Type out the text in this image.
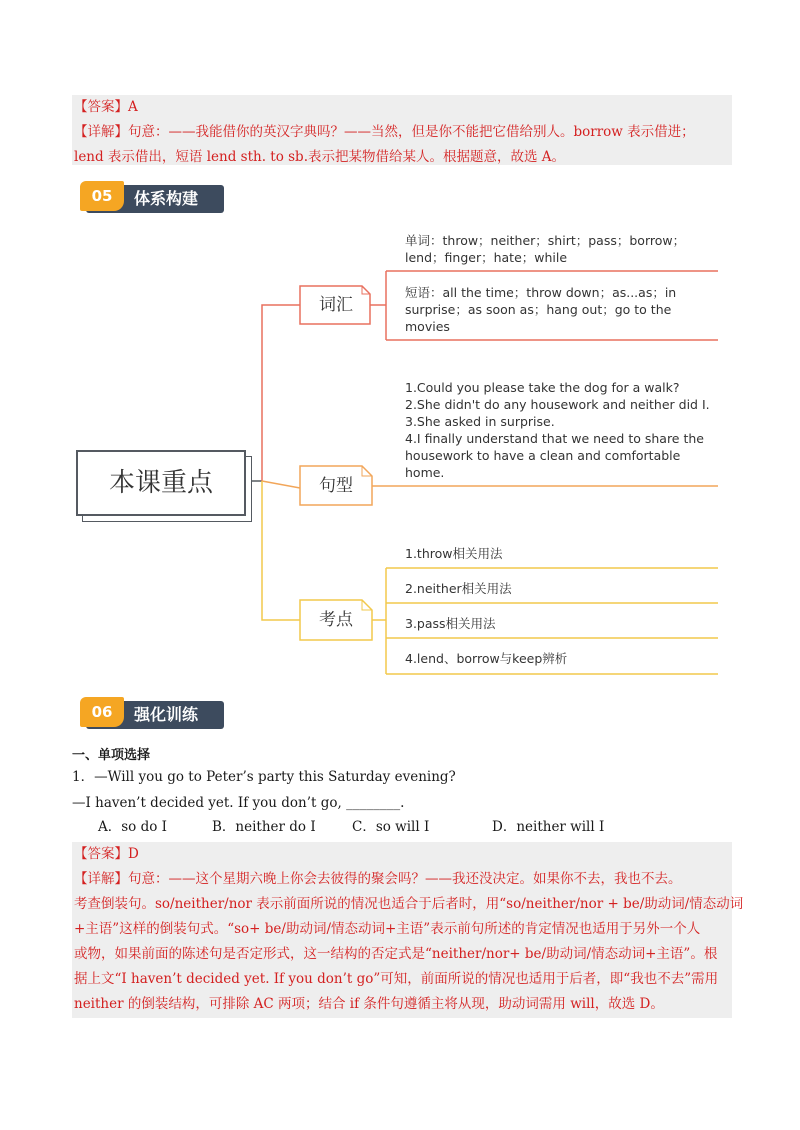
【答案】A
【详解】句意：——我能借你的英汉字典吗？——当然，但是你不能把它借给别人。borrow 表示借进；
lend 表示借出，短语 lend sth. to sb.表示把某物借给某人。根据题意，故选 A。
05	体系构建
本课重点
词汇
句型
考点
单词：throw；neither；shirt；pass；borrow；
lend；finger；hate；while
短语：all the time；throw down；as...as；in
surprise；as soon as；hang out；go to the
movies
1.Could you please take the dog for a walk?
2.She didn't do any housework and neither did I.
3.She asked in surprise.
4.I finally understand that we need to share the
housework to have a clean and comfortable
home.
1.throw相关用法
2.neither相关用法
3.pass相关用法
4.lend、borrow与keep辨析
06	强化训练
一、单项选择
1．—Will you go to Peter’s party this Saturday evening?
—I haven’t decided yet. If you don’t go, ________.
A．so do I	B．neither do I	C．so will I	D．neither will I
【答案】D
【详解】句意：——这个星期六晚上你会去彼得的聚会吗？——我还没决定。如果你不去，我也不去。
考查倒装句。so/neither/nor 表示前面所说的情况也适合于后者时，用“so/neither/nor + be/助动词/情态动词
+主语”这样的倒装句式。“so+ be/助动词/情态动词+主语”表示前句所述的肯定情况也适用于另外一个人
或物，如果前面的陈述句是否定形式，这一结构的否定式是“neither/nor+ be/助动词/情态动词+主语”。根
据上文“I haven’t decided yet. If you don’t go”可知，前面所说的情况也适用于后者，即“我也不去”需用
neither 的倒装结构，可排除 AC 两项；结合 if 条件句遵循主将从现，助动词需用 will，故选 D。
